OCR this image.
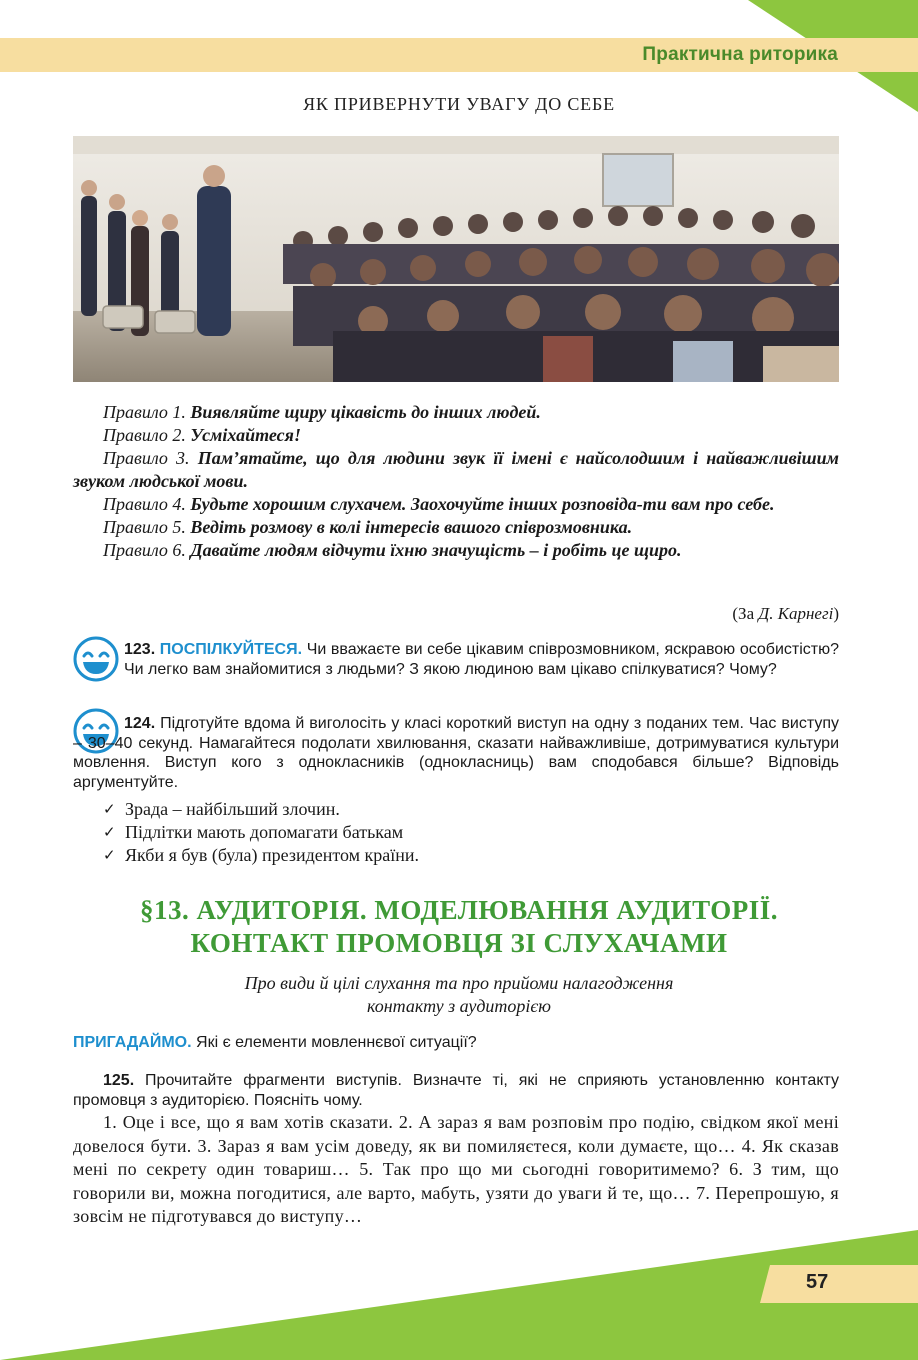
Практична риторика
ЯК ПРИВЕРНУТИ УВАГУ ДО СЕБЕ

Правило 1. Виявляйте щиру цікавість до інших людей.

Правило 2. Усміхайтеся!

Правило 3. Пам’ятайте, що для людини звук її імені є найсолодшим і найважливішим звуком людської мови.

Правило 4. Будьте хорошим слухачем. Заохочуйте інших розповіда-ти вам про себе.

Правило 5. Ведіть розмову в колі інтересів вашого співрозмовника.

Правило 6. Давайте людям відчути їхню значущість – і робіть це щиро.

(За Д. Карнегі)
123. ПОСПІЛКУЙТЕСЯ. Чи вважаєте ви себе цікавим співрозмовником, яскравою особистістю? Чи легко вам знайомитися з людьми? З якою людиною вам цікаво спілкуватися? Чому?
124. Підготуйте вдома й виголосіть у класі короткий виступ на одну з поданих тем. Час виступу – 30–40 секунд. Намагайтеся подолати хвилювання, сказати найважливіше, дотримуватися культури мовлення. Виступ кого з однокласників (однокласниць) вам сподобався більше? Відповідь аргументуйте.
✓ Зрада – найбільший злочин.
✓ Підлітки мають допомагати батькам
✓ Якби я був (була) президентом країни.
§13. АУДИТОРІЯ. МОДЕЛЮВАННЯ АУДИТОРІЇ.
КОНТАКТ ПРОМОВЦЯ ЗІ СЛУХАЧАМИ
Про види й цілі слухання та про прийоми налагодження
контакту з аудиторією
ПРИГАДАЙМО. Які є елементи мовленнєвої ситуації?
125. Прочитайте фрагменти виступів. Визначте ті, які не сприяють установленню контакту промовця з аудиторією. Поясніть чому.
1. Оце і все, що я вам хотів сказати. 2. А зараз я вам розповім про подію, свідком якої мені довелося бути. 3. Зараз я вам усім доведу, як ви помиляєтеся, коли думаєте, що… 4. Як сказав мені по секрету один товариш… 5. Так про що ми сьогодні говоритимемо? 6. З тим, що говорили ви, можна погодитися, але варто, мабуть, узяти до уваги й те, що… 7. Перепрошую, я зовсім не підготувався до виступу…
57
